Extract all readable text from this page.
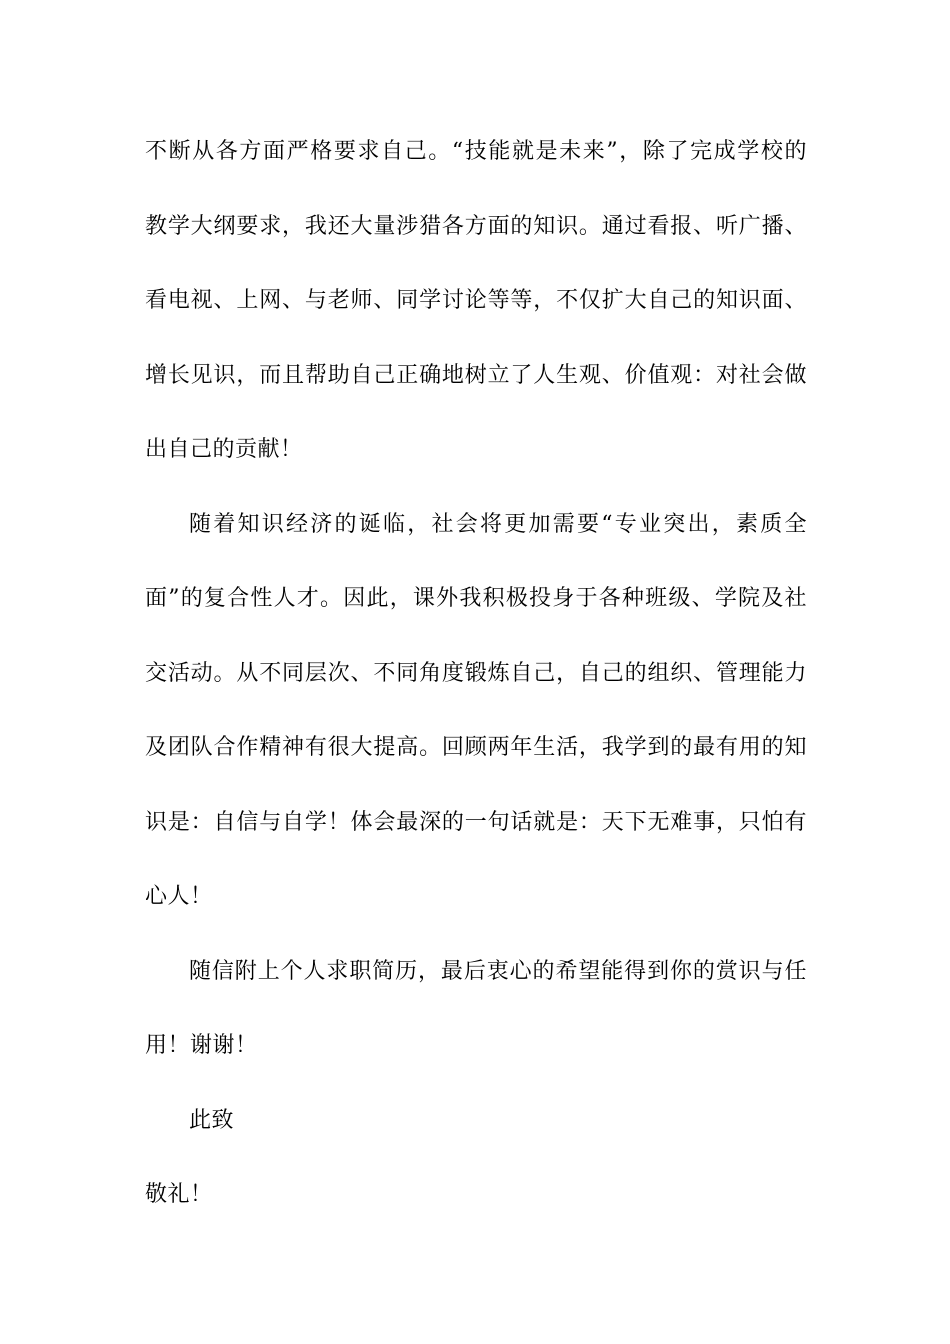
不断从各方面严格要求自己。“技能就是未来”，除了完成学校的
教学大纲要求，我还大量涉猎各方面的知识。通过看报、听广播、
看电视、上网、与老师、同学讨论等等，不仅扩大自己的知识面、
增长见识，而且帮助自己正确地树立了人生观、价值观：对社会做
出自己的贡献！
随着知识经济的诞临，社会将更加需要“专业突出，素质全
面”的复合性人才。因此，课外我积极投身于各种班级、学院及社
交活动。从不同层次、不同角度锻炼自己，自己的组织、管理能力
及团队合作精神有很大提高。回顾两年生活，我学到的最有用的知
识是：自信与自学！体会最深的一句话就是：天下无难事，只怕有
心人！
随信附上个人求职简历，最后衷心的希望能得到你的赏识与任
用！谢谢！
此致
敬礼！
